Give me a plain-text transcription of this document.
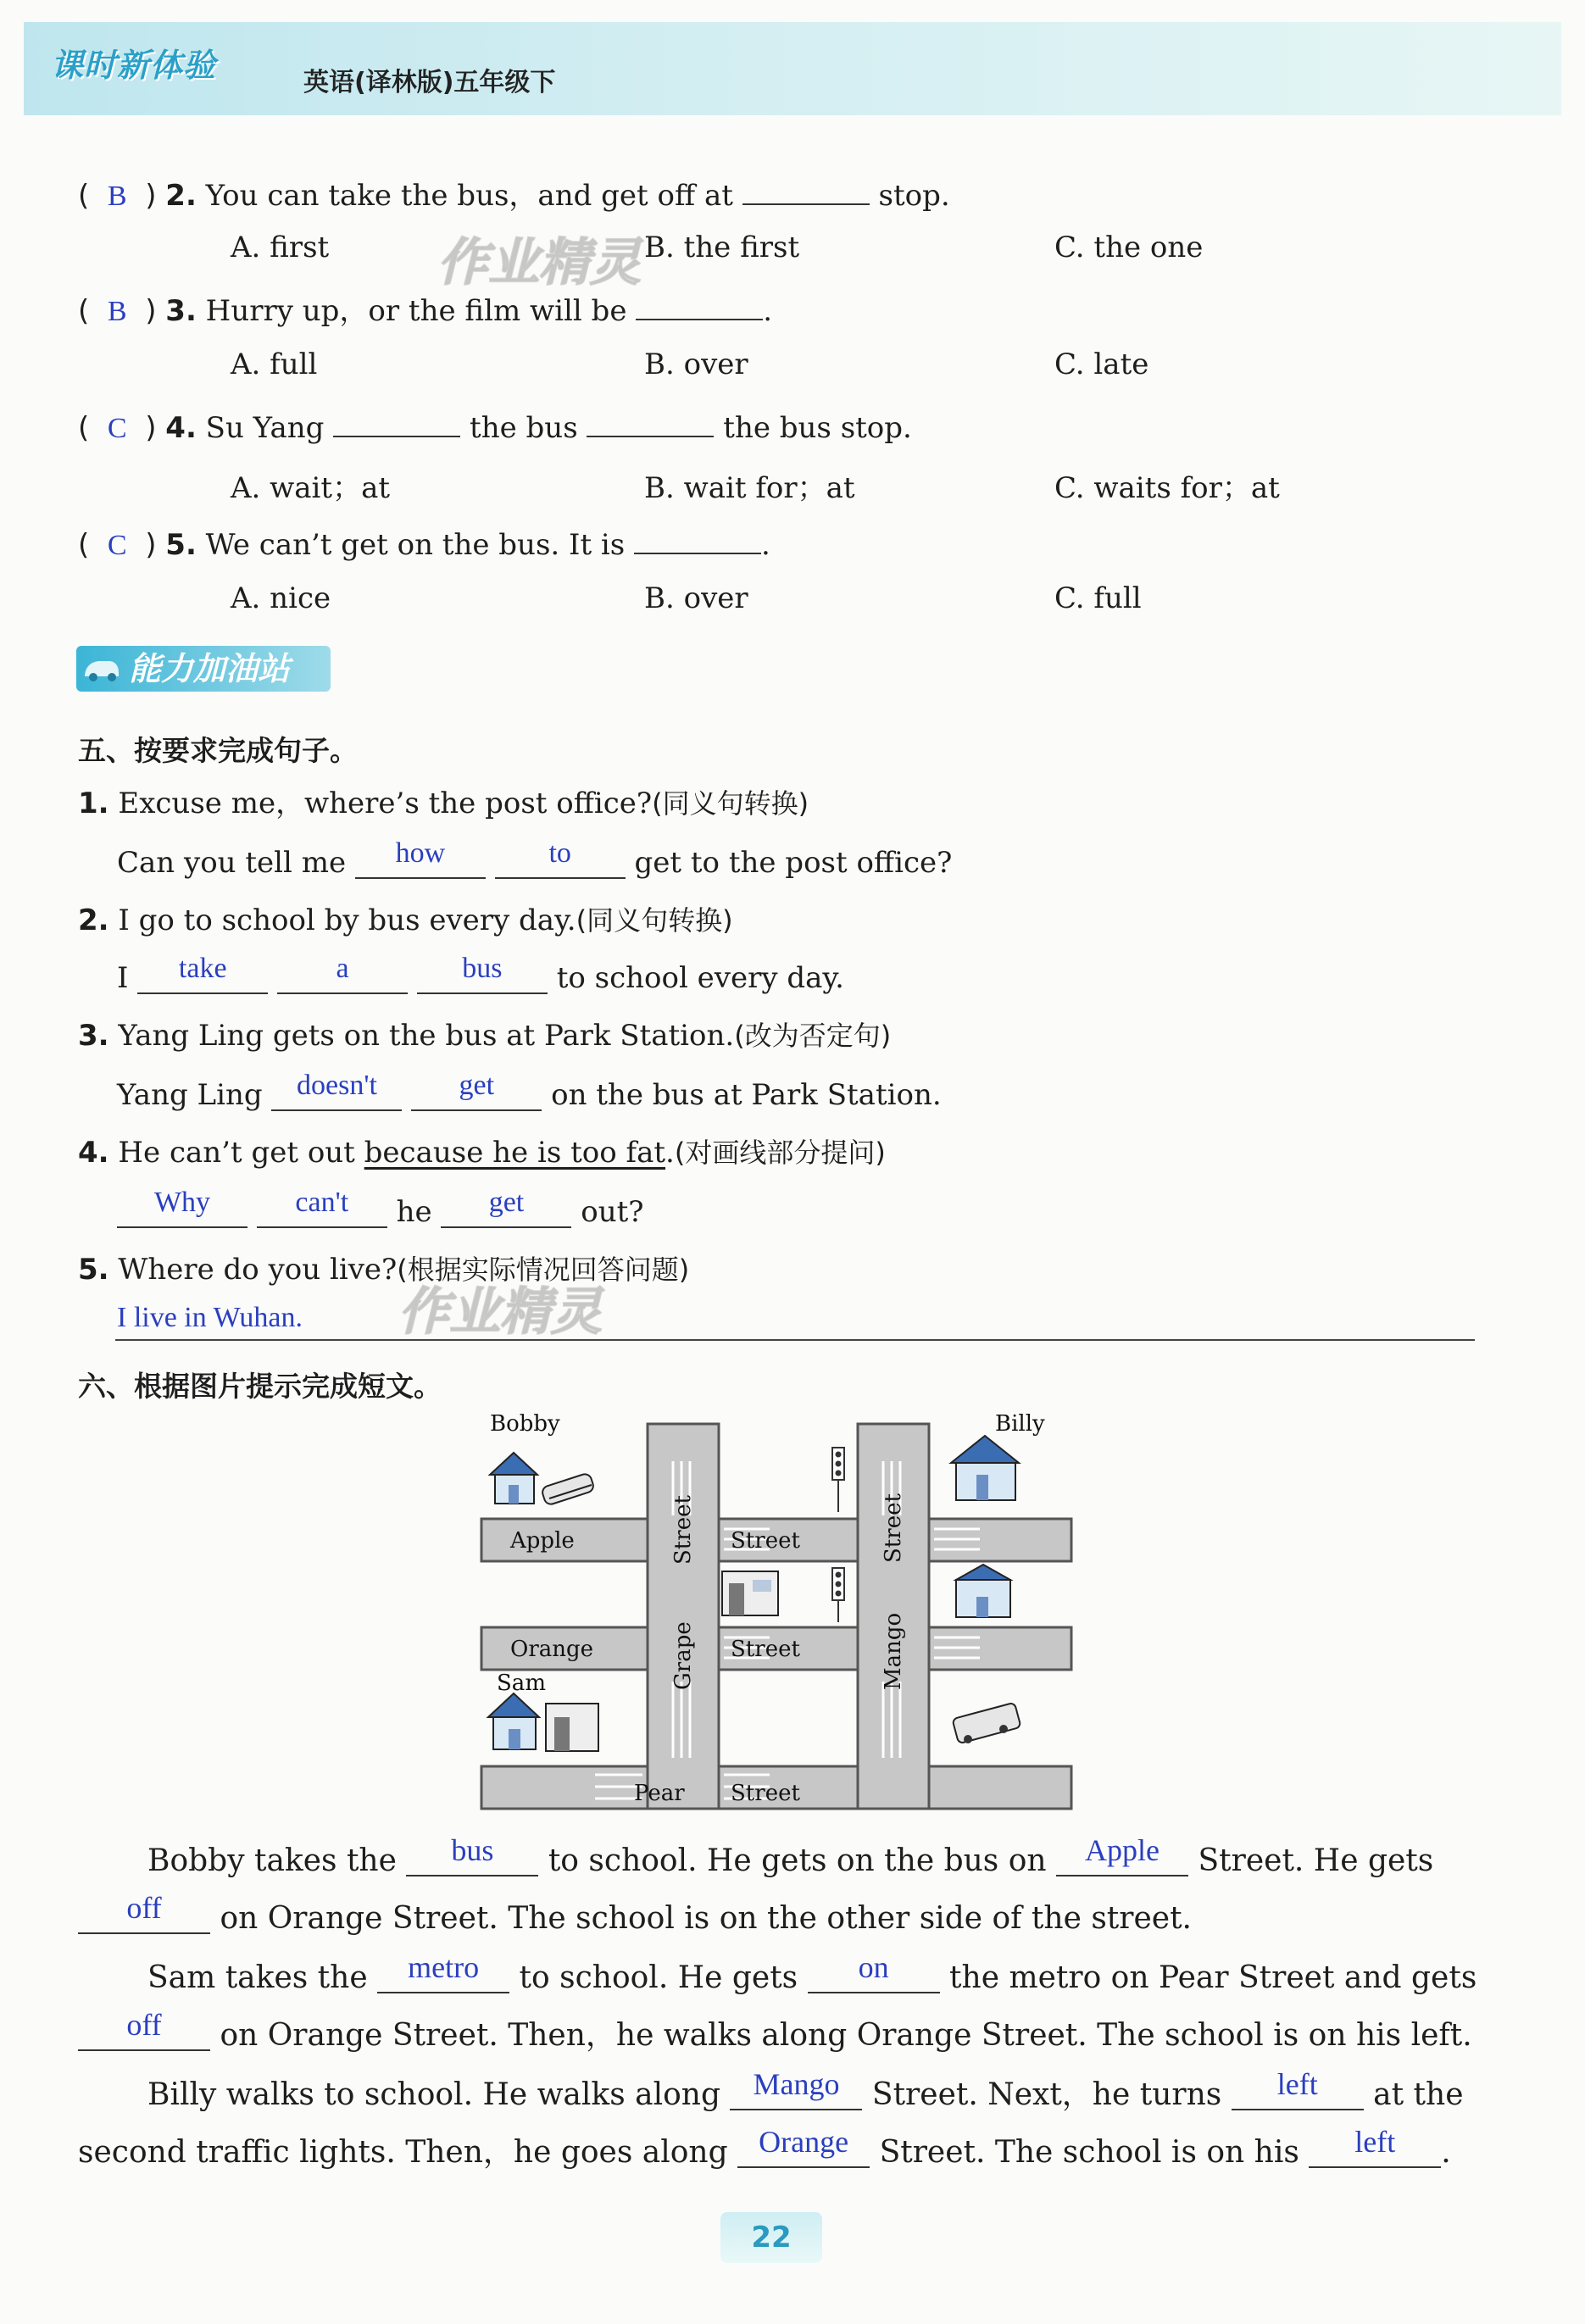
课时新体验	英语(译林版)五年级下
(  B  ) 2. You can take the bus，and get off at	stop.
A. first	B. the first	C. the one
(  B  ) 3. Hurry up，or the film will be	.
A. full	B. over	C. late
(  C  ) 4. Su Yang	the bus	the bus stop.
A. wait；at	B. wait for；at	C. waits for；at
(  C  ) 5. We can’t get on the bus. It is	.
A. nice	B. over	C. full
能力加油站
五、按要求完成句子。
1. Excuse me，where’s the post office?(同义句转换)
Can you tell me how	to get to the post office?
2. I go to school by bus every day.(同义句转换)
I take	a	bus to school every day.
3. Yang Ling gets on the bus at Park Station.(改为否定句)
Yang Ling doesn't	get on the bus at Park Station.
4. He can’t get out because he is too fat.(对画线部分提问)
Why	can't he get out?
5. Where do you live?(根据实际情况回答问题)
I live in Wuhan.
作业精灵
作业精灵
六、根据图片提示完成短文。
Bobby	Billy
Sam
Apple	Street
Orange	Street
Pear Street
Grape
Street
Mango
Street
Bobby takes the bus to school. He gets on the bus on Apple Street. He gets
off on Orange Street. The school is on the other side of the street.
Sam takes the metro to school. He gets on the metro on Pear Street and gets
off on Orange Street. Then，he walks along Orange Street. The school is on his left.
Billy walks to school. He walks along Mango Street. Next，he turns left at the
second traffic lights. Then，he goes along Orange Street. The school is on his left .
22
